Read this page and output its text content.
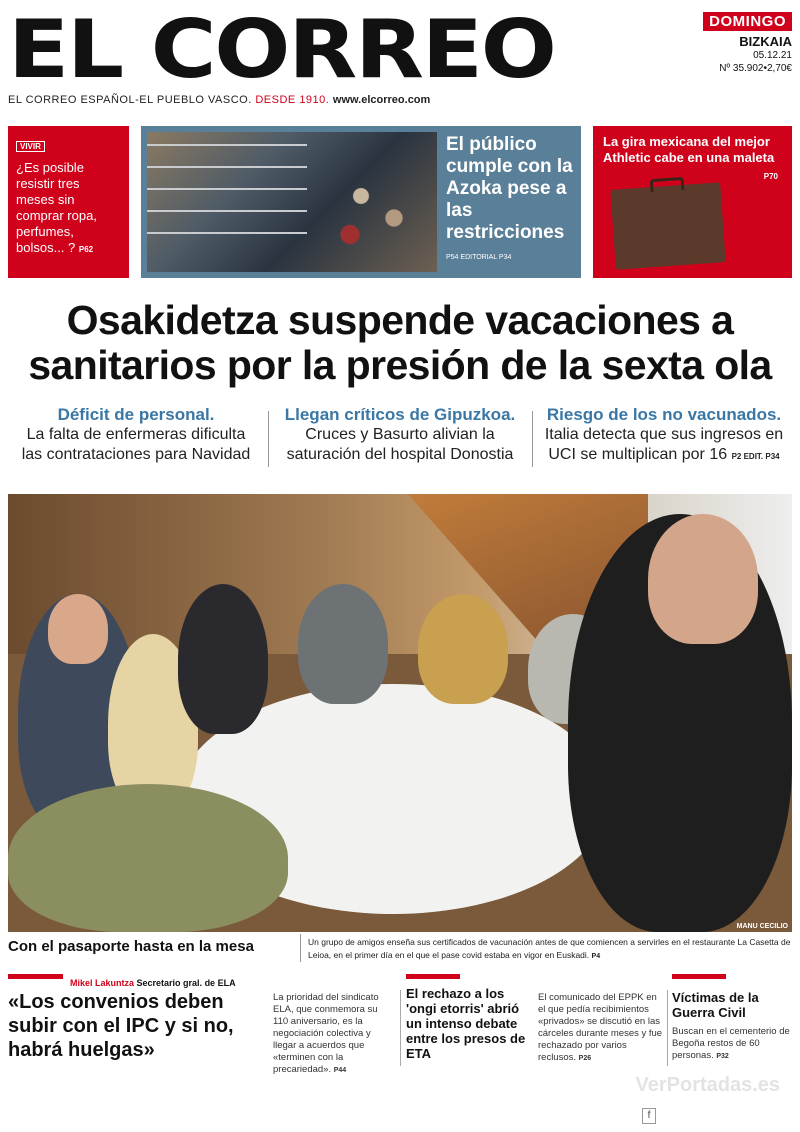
EL CORREO
EL CORREO ESPAÑOL-EL PUEBLO VASCO. DESDE 1910. www.elcorreo.com
DOMINGO
BIZKAIA
05.12.21
Nº 35.902•2,70€
VIVIR
¿Es posible resistir tres meses sin comprar ropa, perfumes, bolsos... ? P62
El público cumple con la Azoka pese a las restricciones
P54 EDITORIAL P34
La gira mexicana del mejor Athletic cabe en una maleta
P70
Osakidetza suspende vacaciones a
sanitarios por la presión de la sexta ola
Déficit de personal.
La falta de enfermeras dificulta
las contrataciones para Navidad
Llegan críticos de Gipuzkoa.
Cruces y Basurto alivian la
saturación del hospital Donostia
Riesgo de los no vacunados.
Italia detecta que sus ingresos en
UCI se multiplican por 16 P2 EDIT. P34
MANU CECILIO
Con el pasaporte hasta en la mesa	Un grupo de amigos enseña sus certificados de vacunación antes de que comiencen a servirles en el restaurante La Casetta de Leioa, en el primer día en el que el pase covid estaba en vigor en Euskadi. P4
Mikel Lakuntza Secretario gral. de ELA
«Los convenios deben subir con el IPC y si no, habrá huelgas»
La prioridad del sindicato ELA, que conmemora su 110 aniversario, es la negociación colectiva y llegar a acuerdos que «terminen con la precariedad». P44
El rechazo a los 'ongi etorris' abrió un intenso debate entre los presos de ETA
El comunicado del EPPK en el que pedía recibimientos «privados» se discutió en las cárceles durante meses y fue rechazado por varios reclusos. P26
Víctimas de la Guerra Civil
Buscan en el cementerio de Begoña restos de 60 personas. P32
VerPortadas.es
f
